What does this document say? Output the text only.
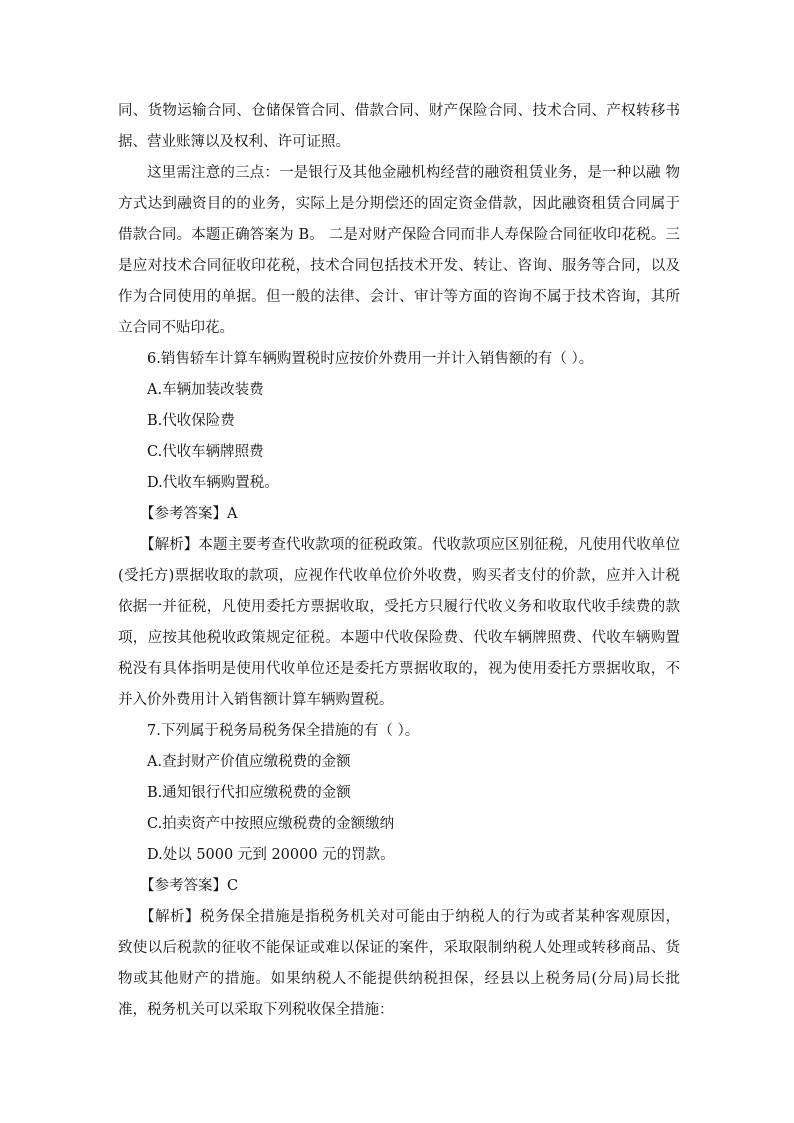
同、货物运输合同、仓储保管合同、借款合同、财产保险合同、技术合同、产权转移书据、营业账簿以及权利、许可证照。

这里需注意的三点：一是银行及其他金融机构经营的融资租赁业务，是一种以融 物方式达到融资目的的业务，实际上是分期偿还的固定资金借款，因此融资租赁合同属于借款合同。本题正确答案为 B。 二是对财产保险合同而非人寿保险合同征收印花税。三是应对技术合同征收印花税，技术合同包括技术开发、转让、咨询、服务等合同，以及作为合同使用的单据。但一般的法律、会计、审计等方面的咨询不属于技术咨询，其所立合同不贴印花。

6.销售轿车计算车辆购置税时应按价外费用一并计入销售额的有（ ）。

A.车辆加装改装费

B.代收保险费

C.代收车辆牌照费

D.代收车辆购置税。

【参考答案】A

【解析】本题主要考查代收款项的征税政策。代收款项应区别征税，凡使用代收单位(受托方)票据收取的款项，应视作代收单位价外收费，购买者支付的价款，应并入计税依据一并征税，凡使用委托方票据收取，受托方只履行代收义务和收取代收手续费的款项，应按其他税收政策规定征税。本题中代收保险费、代收车辆牌照费、代收车辆购置税没有具体指明是使用代收单位还是委托方票据收取的，视为使用委托方票据收取，不并入价外费用计入销售额计算车辆购置税。

7.下列属于税务局税务保全措施的有（ ）。

A.查封财产价值应缴税费的金额

B.通知银行代扣应缴税费的金额

C.拍卖资产中按照应缴税费的金额缴纳

D.处以 5000 元到 20000 元的罚款。

【参考答案】C

【解析】税务保全措施是指税务机关对可能由于纳税人的行为或者某种客观原因， 致使以后税款的征收不能保证或难以保证的案件，采取限制纳税人处理或转移商品、货物或其他财产的措施。如果纳税人不能提供纳税担保，经县以上税务局(分局)局长批准，税务机关可以采取下列税收保全措施：
